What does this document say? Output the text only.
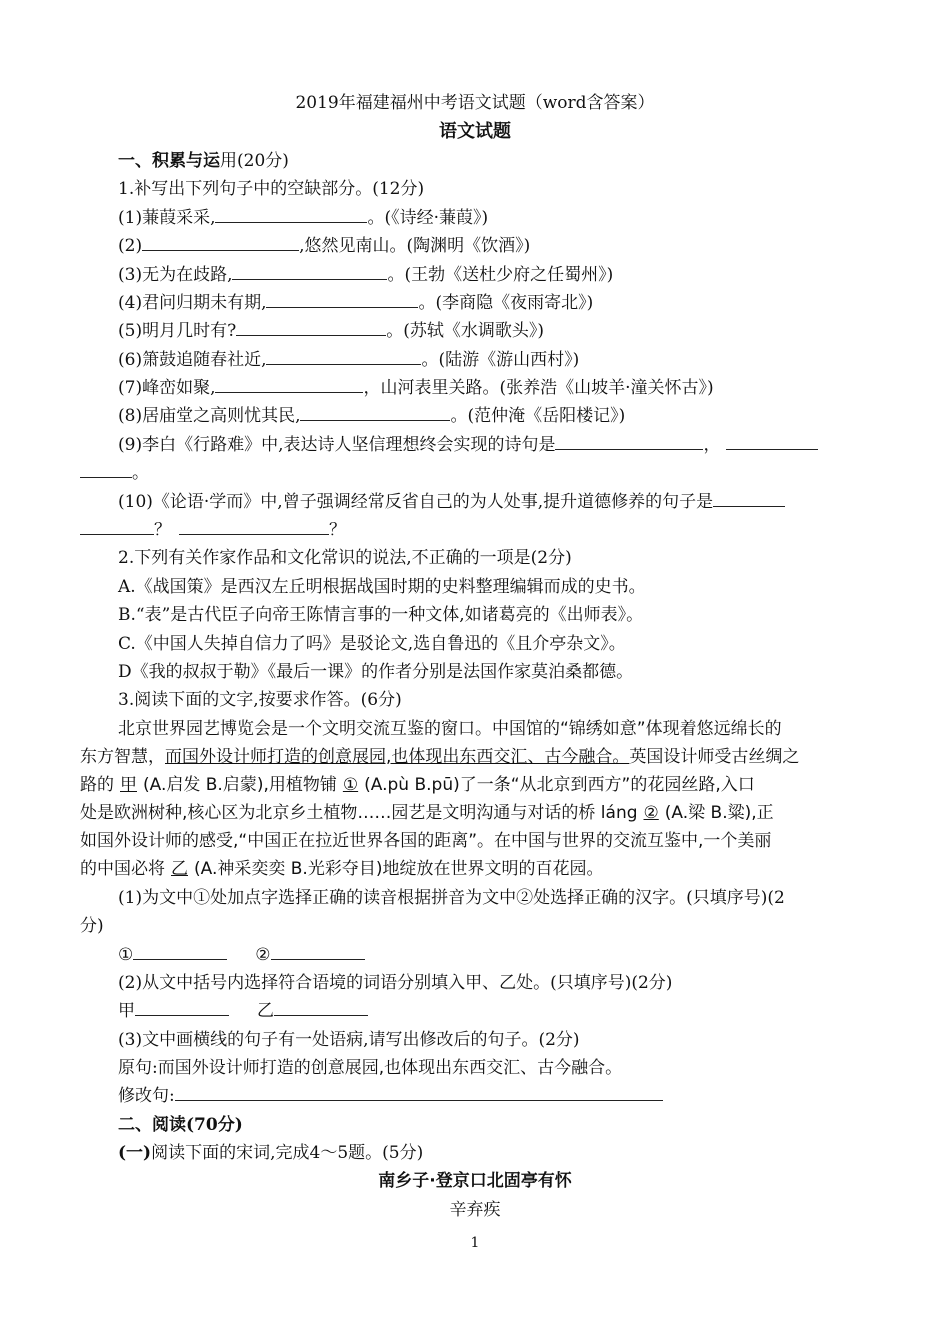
2019年福建福州中考语文试题（word含答案）
语文试题
一、积累与运用(20分)
1.补写出下列句子中的空缺部分。(12分)
(1)蒹葭采采,	。(《诗经·蒹葭》)
(2)	,悠然见南山。(陶渊明《饮酒》)
(3)无为在歧路,	。(王勃《送杜少府之任蜀州》)
(4)君问归期未有期,	。(李商隐《夜雨寄北》)
(5)明月几时有?	。(苏轼《水调歌头》)
(6)箫鼓追随春社近,	。(陆游《游山西村》)
(7)峰峦如聚,	，山河表里关路。(张养浩《山坡羊·潼关怀古》)
(8)居庙堂之高则忧其民,	。(范仲淹《岳阳楼记》)
(9)李白《行路难》中,表达诗人坚信理想终会实现的诗句是	，
。
(10)《论语·学而》中,曾子强调经常反省自己的为人处事,提升道德修养的句子是
？	？
2.下列有关作家作品和文化常识的说法,不正确的一项是(2分)
A.《战国策》是西汉左丘明根据战国时期的史料整理编辑而成的史书。
B.“表”是古代臣子向帝王陈情言事的一种文体,如诸葛亮的《出师表》。
C.《中国人失掉自信力了吗》是驳论文,选自鲁迅的《且介亭杂文》。
D《我的叔叔于勒》《最后一课》的作者分别是法国作家莫泊桑都德。
3.阅读下面的文字,按要求作答。(6分)
北京世界园艺博览会是一个文明交流互鉴的窗口。中国馆的“锦绣如意”体现着悠远绵长的
东方智慧，而国外设计师打造的创意展园,也体现出东西交汇、古今融合。英国设计师受古丝绸之
路的 甲 (A.启发 B.启蒙),用植物铺 ① (A.pù B.pū)了一条“从北京到西方”的花园丝路,入口
处是欧洲树种,核心区为北京乡土植物……园艺是文明沟通与对话的桥 láng ② (A.梁 B.粱),正
如国外设计师的感受,“中国正在拉近世界各国的距离”。在中国与世界的交流互鉴中,一个美丽
的中国必将 乙 (A.神采奕奕 B.光彩夺目)地绽放在世界文明的百花园。
(1)为文中①处加点字选择正确的读音根据拼音为文中②处选择正确的汉字。(只填序号)(2
分)
①	②
(2)从文中括号内选择符合语境的词语分别填入甲、乙处。(只填序号)(2分)
甲	乙
(3)文中画横线的句子有一处语病,请写出修改后的句子。(2分)
原句:而国外设计师打造的创意展园,也体现出东西交汇、古今融合。
修改句:
二、阅读(70分)
(一)阅读下面的宋词,完成4～5题。(5分)
南乡子·登京口北固亭有怀
辛弃疾
1
